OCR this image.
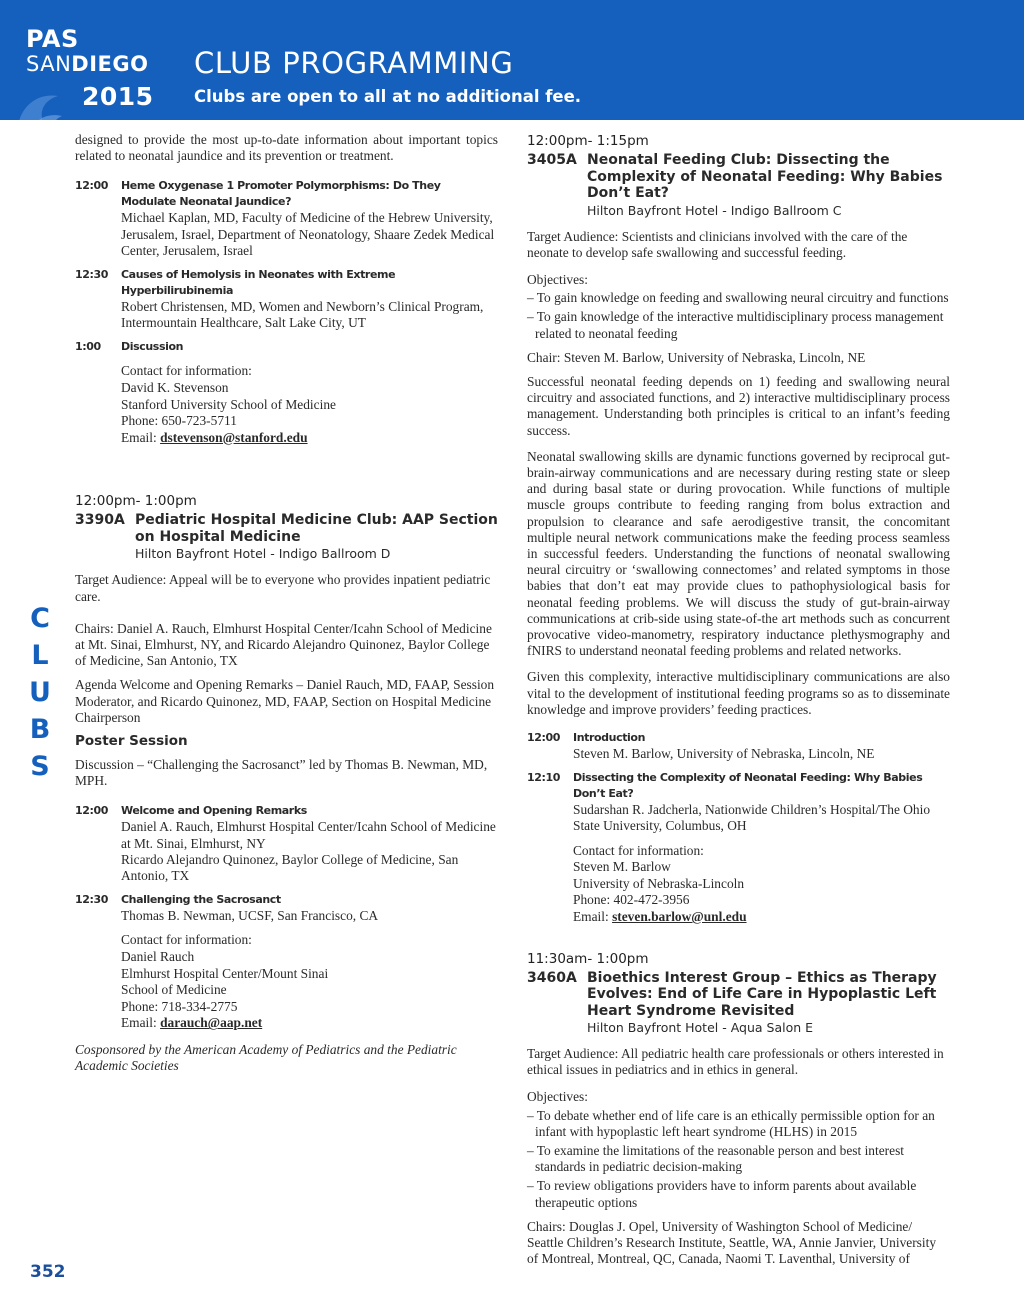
PAS
SANDIEGO
2015
CLUB PROGRAMMING
Clubs are open to all at no additional fee.
C
L
U
B
S
352

designed to provide the most up-to-date information about important topics related to neonatal jaundice and its prevention or treatment.

12:00	Heme Oxygenase 1 Promoter Polymorphisms: Do They Modulate Neonatal Jaundice?

Michael Kaplan, MD, Faculty of Medicine of the Hebrew University, Jerusalem, Israel, Department of Neonatology, Shaare Zedek Medical Center, Jerusalem, Israel

12:30	Causes of Hemolysis in Neonates with Extreme Hyperbilirubinemia

Robert Christensen, MD, Women and Newborn’s Clinical Program, Intermountain Healthcare, Salt Lake City, UT

1:00	Discussion

Contact for information:

David K. Stevenson

Stanford University School of Medicine

Phone: 650-723-5711

Email: dstevenson@stanford.edu

12:00pm- 1:00pm
3390A Pediatric Hospital Medicine Club: AAP Section on Hospital Medicine
Hilton Bayfront Hotel - Indigo Ballroom D

Target Audience: Appeal will be to everyone who provides inpatient pediatric care.

Chairs: Daniel A. Rauch, Elmhurst Hospital Center/Icahn School of Medicine at Mt. Sinai, Elmhurst, NY, and Ricardo Alejandro Quinonez, Baylor College of Medicine, San Antonio, TX

Agenda Welcome and Opening Remarks – Daniel Rauch, MD, FAAP, Session Moderator, and Ricardo Quinonez, MD, FAAP, Section on Hospital Medicine Chairperson

Poster Session

Discussion – “Challenging the Sacrosanct” led by Thomas B. Newman, MD, MPH.

12:00	Welcome and Opening Remarks

Daniel A. Rauch, Elmhurst Hospital Center/Icahn School of Medicine at Mt. Sinai, Elmhurst, NY

Ricardo Alejandro Quinonez, Baylor College of Medicine, San Antonio, TX

12:30	Challenging the Sacrosanct

Thomas B. Newman, UCSF, San Francisco, CA

Contact for information:

Daniel Rauch

Elmhurst Hospital Center/Mount Sinai

School of Medicine

Phone: 718-334-2775

Email: darauch@aap.net

Cosponsored by the American Academy of Pediatrics and the Pediatric Academic Societies

12:00pm- 1:15pm
3405A Neonatal Feeding Club: Dissecting the Complexity of Neonatal Feeding: Why Babies Don’t Eat?
Hilton Bayfront Hotel - Indigo Ballroom C

Target Audience: Scientists and clinicians involved with the care of the neonate to develop safe swallowing and successful feeding.

Objectives:

– To gain knowledge on feeding and swallowing neural circuitry and functions

– To gain knowledge of the interactive multidisciplinary process management related to neonatal feeding

Chair: Steven M. Barlow, University of Nebraska, Lincoln, NE

Successful neonatal feeding depends on 1) feeding and swallowing neural circuitry and associated functions, and 2) interactive multidisciplinary process management. Understanding both principles is critical to an infant’s feeding success.

Neonatal swallowing skills are dynamic functions governed by reciprocal gut-brain-airway communications and are necessary during resting state or sleep and during basal state or during provocation. While functions of multiple muscle groups contribute to feeding ranging from bolus extraction and propulsion to clearance and safe aerodigestive transit, the concomitant multiple neural network communications make the feeding process seamless in successful feeders. Understanding the functions of neonatal swallowing neural circuitry or ‘swallowing connectomes’ and related symptoms in those babies that don’t eat may provide clues to pathophysiological basis for neonatal feeding problems. We will discuss the study of gut-brain-airway communications at crib-side using state-of-the art methods such as concurrent provocative video-manometry, respiratory inductance plethysmography and fNIRS to understand neonatal feeding problems and related networks.

Given this complexity, interactive multidisciplinary communications are also vital to the development of institutional feeding programs so as to disseminate knowledge and improve providers’ feeding practices.

12:00	Introduction

Steven M. Barlow, University of Nebraska, Lincoln, NE

12:10	Dissecting the Complexity of Neonatal Feeding: Why Babies Don’t Eat?

Sudarshan R. Jadcherla, Nationwide Children’s Hospital/The Ohio State University, Columbus, OH

Contact for information:

Steven M. Barlow

University of Nebraska-Lincoln

Phone: 402-472-3956

Email: steven.barlow@unl.edu

11:30am- 1:00pm
3460A Bioethics Interest Group – Ethics as Therapy Evolves: End of Life Care in Hypoplastic Left Heart Syndrome Revisited
Hilton Bayfront Hotel - Aqua Salon E

Target Audience: All pediatric health care professionals or others interested in ethical issues in pediatrics and in ethics in general.

Objectives:

– To debate whether end of life care is an ethically permissible option for an infant with hypoplastic left heart syndrome (HLHS) in 2015

– To examine the limitations of the reasonable person and best interest standards in pediatric decision-making

– To review obligations providers have to inform parents about available therapeutic options

Chairs: Douglas J. Opel, University of Washington School of Medicine/ Seattle Children’s Research Institute, Seattle, WA, Annie Janvier, University of Montreal, Montreal, QC, Canada, Naomi T. Laventhal, University of
